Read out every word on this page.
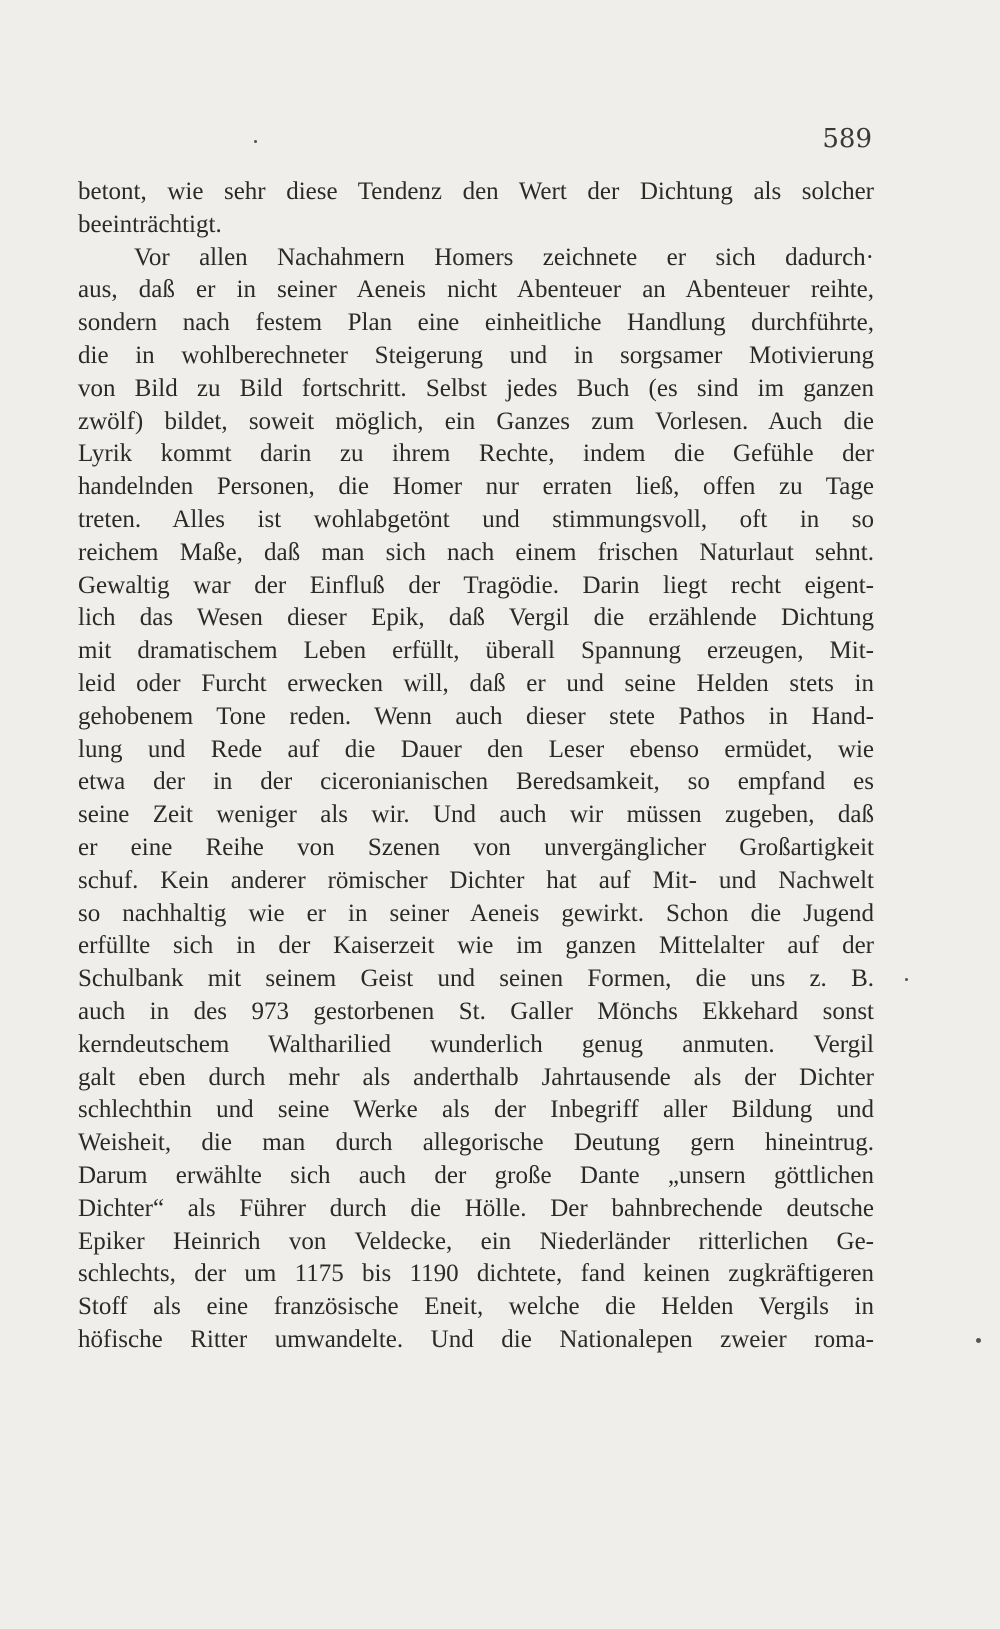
589
betont, wie sehr diese Tendenz den Wert der Dichtung als solcher
beeinträchtigt.
Vor allen Nachahmern Homers zeichnete er sich dadurch·
aus, daß er in seiner Aeneis nicht Abenteuer an Abenteuer reihte,
sondern nach festem Plan eine einheitliche Handlung durchführte,
die in wohlberechneter Steigerung und in sorgsamer Motivierung
von Bild zu Bild fortschritt. Selbst jedes Buch (es sind im ganzen
zwölf) bildet, soweit möglich, ein Ganzes zum Vorlesen. Auch die
Lyrik kommt darin zu ihrem Rechte, indem die Gefühle der
handelnden Personen, die Homer nur erraten ließ, offen zu Tage
treten. Alles ist wohlabgetönt und stimmungsvoll, oft in so
reichem Maße, daß man sich nach einem frischen Naturlaut sehnt.
Gewaltig war der Einfluß der Tragödie. Darin liegt recht eigent-
lich das Wesen dieser Epik, daß Vergil die erzählende Dichtung
mit dramatischem Leben erfüllt, überall Spannung erzeugen, Mit-
leid oder Furcht erwecken will, daß er und seine Helden stets in
gehobenem Tone reden. Wenn auch dieser stete Pathos in Hand-
lung und Rede auf die Dauer den Leser ebenso ermüdet, wie
etwa der in der ciceronianischen Beredsamkeit, so empfand es
seine Zeit weniger als wir. Und auch wir müssen zugeben, daß
er eine Reihe von Szenen von unvergänglicher Großartigkeit
schuf. Kein anderer römischer Dichter hat auf Mit- und Nachwelt
so nachhaltig wie er in seiner Aeneis gewirkt. Schon die Jugend
erfüllte sich in der Kaiserzeit wie im ganzen Mittelalter auf der
Schulbank mit seinem Geist und seinen Formen, die uns z. B.
auch in des 973 gestorbenen St. Galler Mönchs Ekkehard sonst
kerndeutschem Waltharilied wunderlich genug anmuten. Vergil
galt eben durch mehr als anderthalb Jahrtausende als der Dichter
schlechthin und seine Werke als der Inbegriff aller Bildung und
Weisheit, die man durch allegorische Deutung gern hineintrug.
Darum erwählte sich auch der große Dante „unsern göttlichen
Dichter“ als Führer durch die Hölle. Der bahnbrechende deutsche
Epiker Heinrich von Veldecke, ein Niederländer ritterlichen Ge-
schlechts, der um 1175 bis 1190 dichtete, fand keinen zugkräftigeren
Stoff als eine französische Eneit, welche die Helden Vergils in
höfische Ritter umwandelte. Und die Nationalepen zweier roma-
